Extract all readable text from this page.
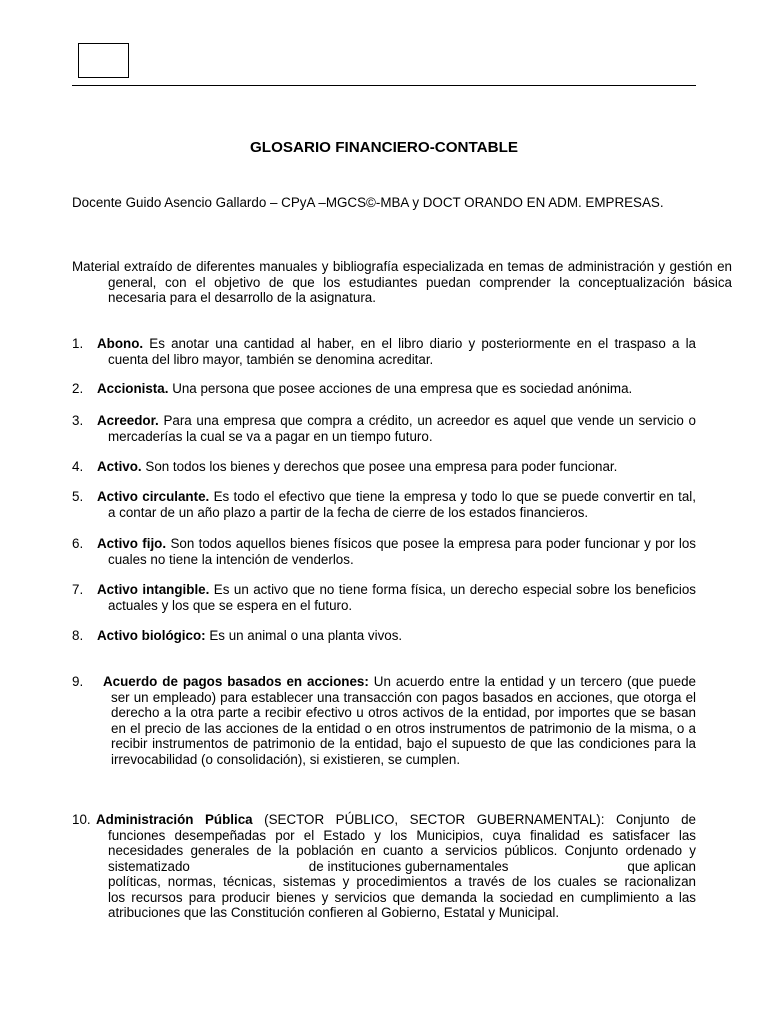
GLOSARIO FINANCIERO-CONTABLE
Docente Guido Asencio Gallardo – CPyA –MGCS©-MBA y DOCT ORANDO EN ADM. EMPRESAS.
Material extraído de diferentes manuales y bibliografía especializada en temas de administración y gestión en general, con el objetivo de que los estudiantes puedan comprender la conceptualización básica necesaria para el desarrollo de la asignatura.
1. Abono. Es anotar una cantidad al haber, en el libro diario y posteriormente en el traspaso a la cuenta del libro mayor, también se denomina acreditar.
2. Accionista. Una persona que posee acciones de una empresa que es sociedad anónima.
3. Acreedor. Para una empresa que compra a crédito, un acreedor es aquel que vende un servicio o mercaderías la cual se va a pagar en un tiempo futuro.
4. Activo. Son todos los bienes y derechos que posee una empresa para poder funcionar.
5. Activo circulante. Es todo el efectivo que tiene la empresa y todo lo que se puede convertir en tal, a contar de un año plazo a partir de la fecha de cierre de los estados financieros.
6. Activo fijo. Son todos aquellos bienes físicos que posee la empresa para poder funcionar y por los cuales no tiene la intención de venderlos.
7. Activo intangible. Es un activo que no tiene forma física, un derecho especial sobre los beneficios actuales y los que se espera en el futuro.
8. Activo biológico: Es un animal o una planta vivos.
9. Acuerdo de pagos basados en acciones: Un acuerdo entre la entidad y un tercero (que puede ser un empleado) para establecer una transacción con pagos basados en acciones, que otorga el derecho a la otra parte a recibir efectivo u otros activos de la entidad, por importes que se basan en el precio de las acciones de la entidad o en otros instrumentos de patrimonio de la misma, o a recibir instrumentos de patrimonio de la entidad, bajo el supuesto de que las condiciones para la irrevocabilidad (o consolidación), si existieren, se cumplen.
10. Administración Pública (SECTOR PÚBLICO, SECTOR GUBERNAMENTAL): Conjunto de funciones desempeñadas por el Estado y los Municipios, cuya finalidad es satisfacer las necesidades generales de la población en cuanto a servicios públicos. Conjunto ordenado y sistematizado                               de instituciones gubernamentales                               que aplican políticas, normas, técnicas, sistemas y procedimientos a través de los cuales se racionalizan          los recursos para producir bienes y servicios que demanda la sociedad en cumplimiento a las atribuciones que las Constitución confieren al Gobierno, Estatal y Municipal.
